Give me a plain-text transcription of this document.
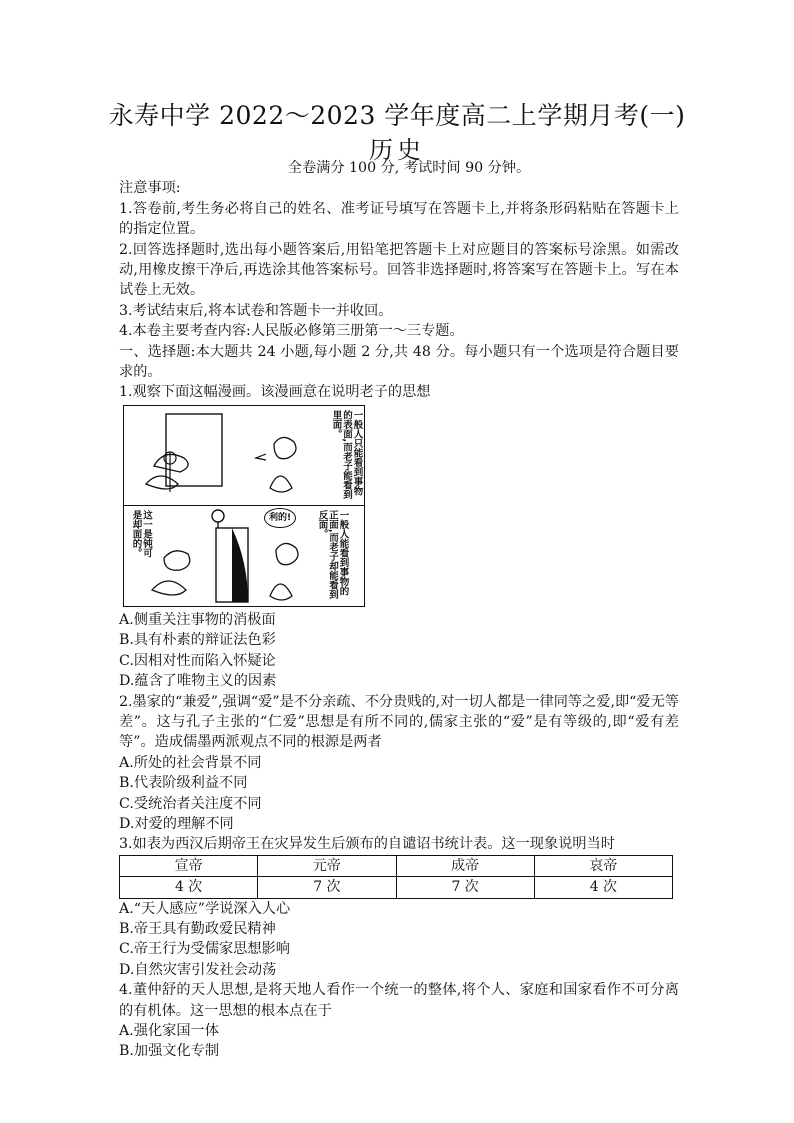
永寿中学 2022～2023 学年度高二上学期月考(一)
历史
全卷满分 100 分, 考试时间 90 分钟。
注意事项:
1.答卷前,考生务必将自己的姓名、准考证号填写在答题卡上,并将条形码粘贴在答题卡上的指定位置。
2.回答选择题时,选出每小题答案后,用铅笔把答题卡上对应题目的答案标号涂黑。如需改动,用橡皮擦干净后,再选涂其他答案标号。回答非选择题时,将答案写在答题卡上。写在本试卷上无效。
3.考试结束后,将本试卷和答题卡一并收回。
4.本卷主要考查内容:人民版必修第三册第一～三专题。
一、选择题:本大题共 24 小题,每小题 2 分,共 48 分。每小题只有一个选项是符合题目要求的。
1.观察下面这幅漫画。该漫画意在说明老子的思想
一般人只能看到事物的表面,而老子能看到里面。
利的!
这一是钝可是却面的。	一般人能看到事物的正面,而老子却能看到反面。
A.侧重关注事物的消极面
B.具有朴素的辩证法色彩
C.因相对性而陷入怀疑论
D.蕴含了唯物主义的因素
2.墨家的“兼爱”,强调“爱”是不分亲疏、不分贵贱的,对一切人都是一律同等之爱,即“爱无等差”。这与孔子主张的“仁爱”思想是有所不同的,儒家主张的“爱”是有等级的,即“爱有差等”。造成儒墨两派观点不同的根源是两者
A.所处的社会背景不同
B.代表阶级利益不同
C.受统治者关注度不同
D.对爱的理解不同
3.如表为西汉后期帝王在灾异发生后颁布的自谴诏书统计表。这一现象说明当时
宣帝	元帝	成帝	哀帝
4 次	7 次	7 次	4 次
A.“天人感应”学说深入人心
B.帝王具有勤政爱民精神
C.帝王行为受儒家思想影响
D.自然灾害引发社会动荡
4.董仲舒的天人思想,是将天地人看作一个统一的整体,将个人、家庭和国家看作不可分离的有机体。这一思想的根本点在于
A.强化家国一体
B.加强文化专制
